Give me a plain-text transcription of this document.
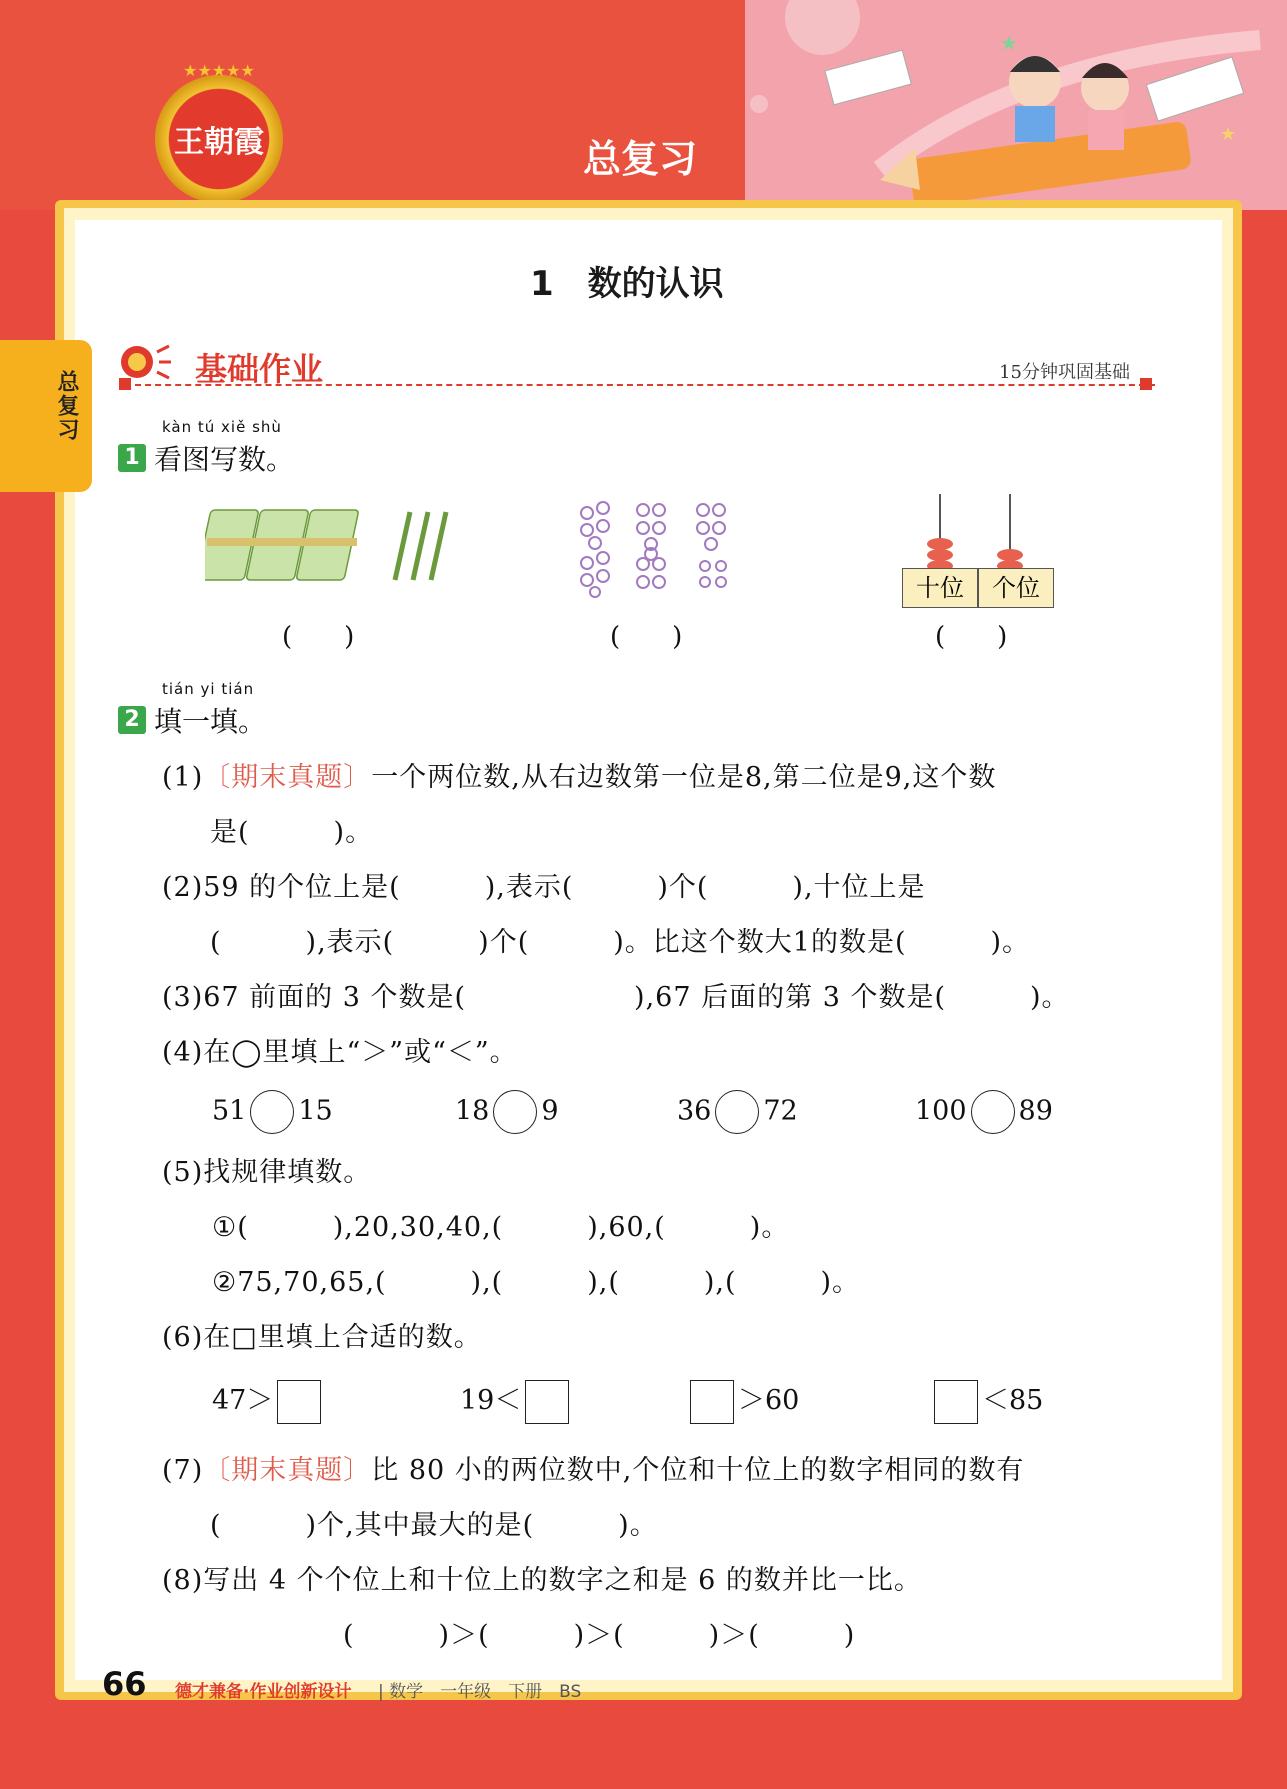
★
★
★★★★★
王朝霞	总复习
总复习
1　数的认识
基础作业	15分钟巩固基础
kàn tú xiě shù
1 看图写数。
十位	个位
(　　)	(　　)	(　　)
tián yi tián
2 填一填。
(1)〔期末真题〕一个两位数,从右边数第一位是8,第二位是9,这个数
是(　　　)。
(2)59 的个位上是(　　　),表示(　　　)个(　　　),十位上是
(　　　),表示(　　　)个(　　　)。比这个数大1的数是(　　　)。
(3)67 前面的 3 个数是(　　　　　　),67 后面的第 3 个数是(　　　)。
(4)在◯里填上“＞”或“＜”。
51 15	18 9	36 72	100 89
(5)找规律填数。
①(　　　),20,30,40,(　　　),60,(　　　)。
②75,70,65,(　　　),(　　　),(　　　),(　　　)。
(6)在□里填上合适的数。
47＞	19＜	＞60	＜85
(7)〔期末真题〕比 80 小的两位数中,个位和十位上的数字相同的数有
(　　　)个,其中最大的是(　　　)。
(8)写出 4 个个位上和十位上的数字之和是 6 的数并比一比。
(　　　)＞(　　　)＞(　　　)＞(　　　)
66 德才兼备·作业创新设计 | 数学　一年级　下册　BS
